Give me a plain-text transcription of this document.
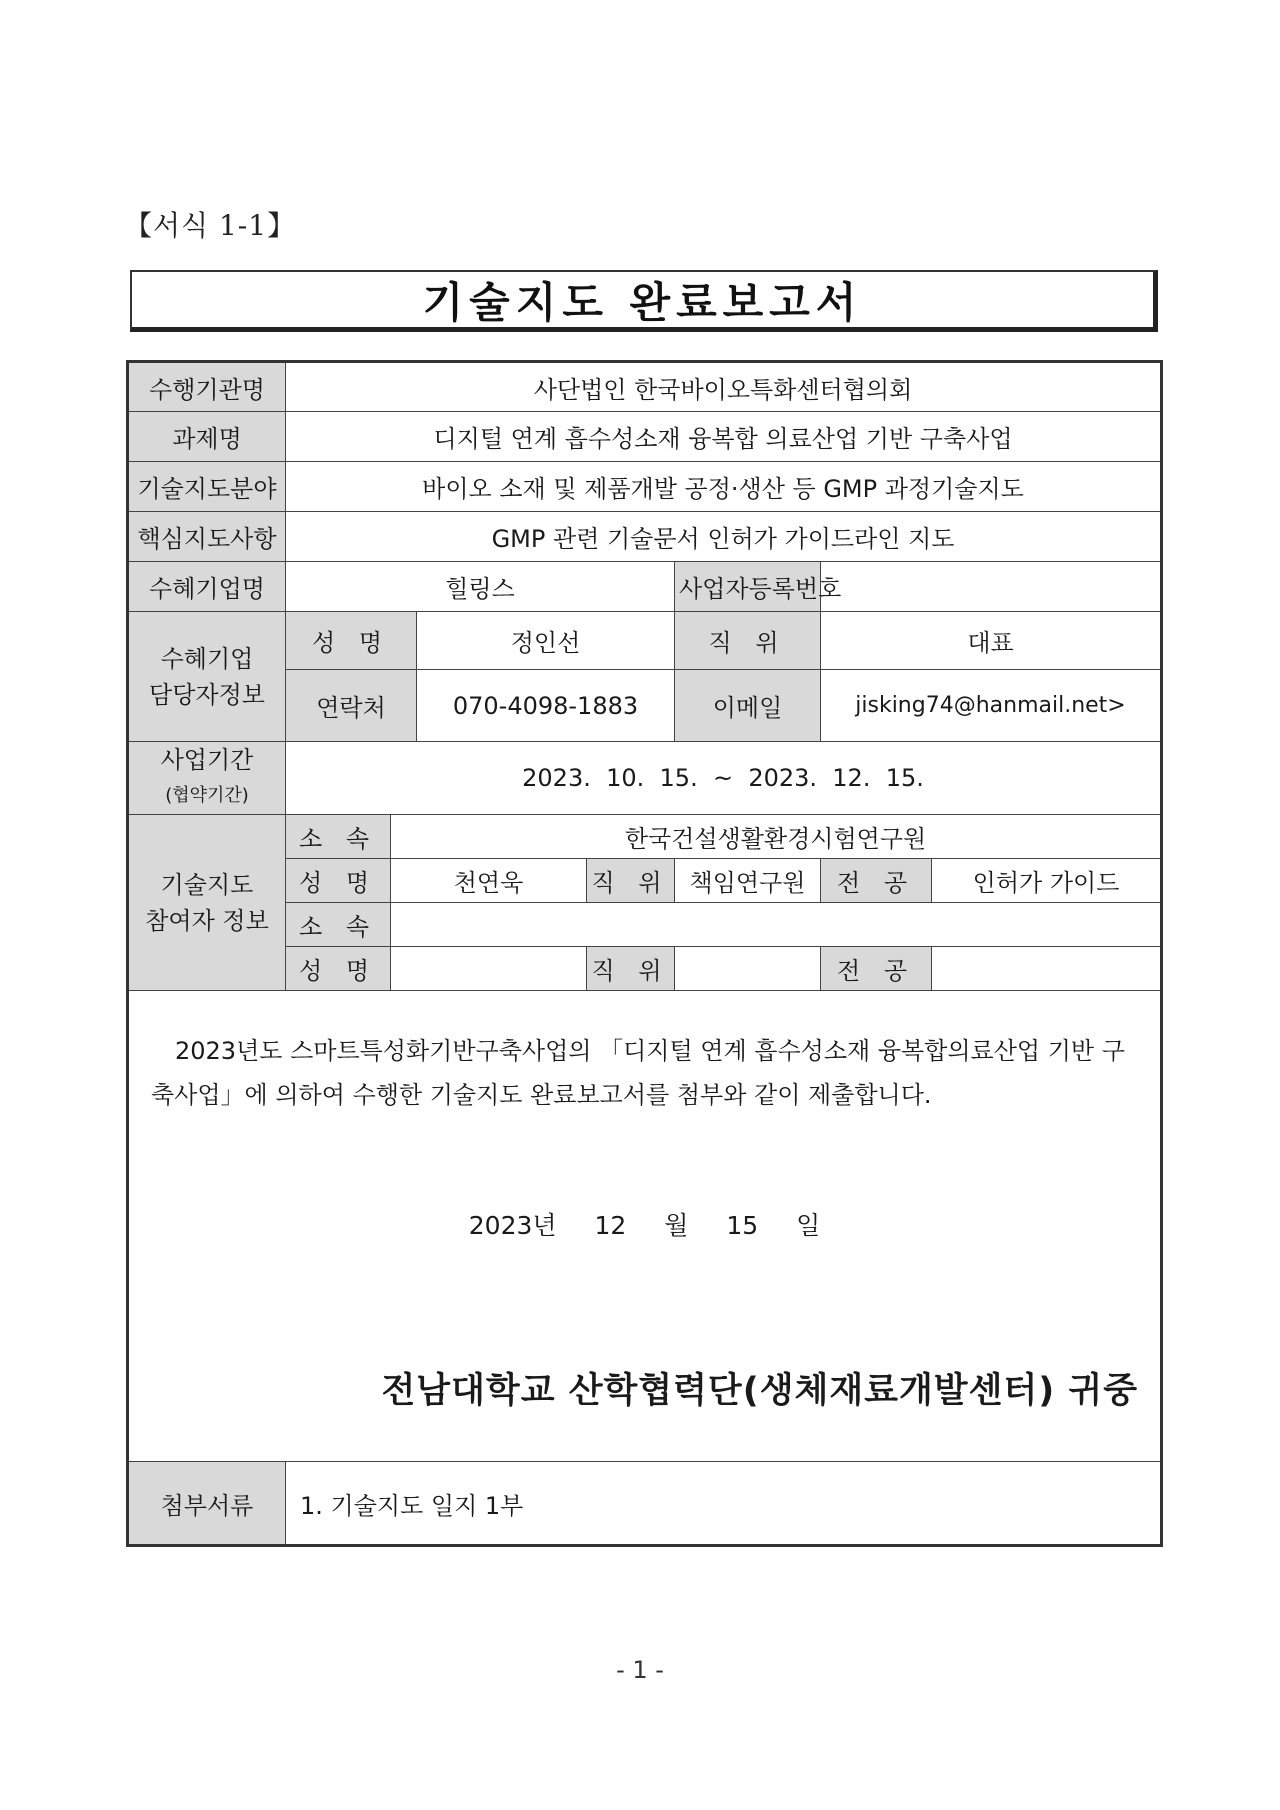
【서식 1-1】
기술지도 완료보고서
수행기관명	사단법인 한국바이오특화센터협의회						
과제명	디지털 연계 흡수성소재 융복합 의료산업 기반 구축사업						
기술지도분야	바이오 소재 및 제품개발 공정·생산 등 GMP 과정기술지도						
핵심지도사항	GMP 관련 기술문서 인허가 가이드라인 지도						
수혜기업명	힐링스				사업자등록번호		

수혜기업
담당자정보	성 명		정인선		직 위	대표	
	연락처		070-4098-1883		이메일	jisking74@hanmail.net>	

사업기간
(협약기간)	2023.  10.  15.  ~  2023.  12.  15.						

기술지도
참여자 정보	소 속	한국건설생활환경시험연구원					
	성 명	천연욱		직 위	책임연구원	전 공	인허가 가이드
	소 속						
	성 명			직 위		전 공	

2023년도 스마트특성화기반구축사업의 「디지털 연계 흡수성소재 융복합의료산업 기반 구축사업」에 의하여 수행한 기술지도 완료보고서를 첨부와 같이 제출합니다.
2023년 12 월 15 일
전남대학교 산학협력단(생체재료개발센터) 귀중							

첨부서류	1. 기술지도 일지 1부						
- 1 -
